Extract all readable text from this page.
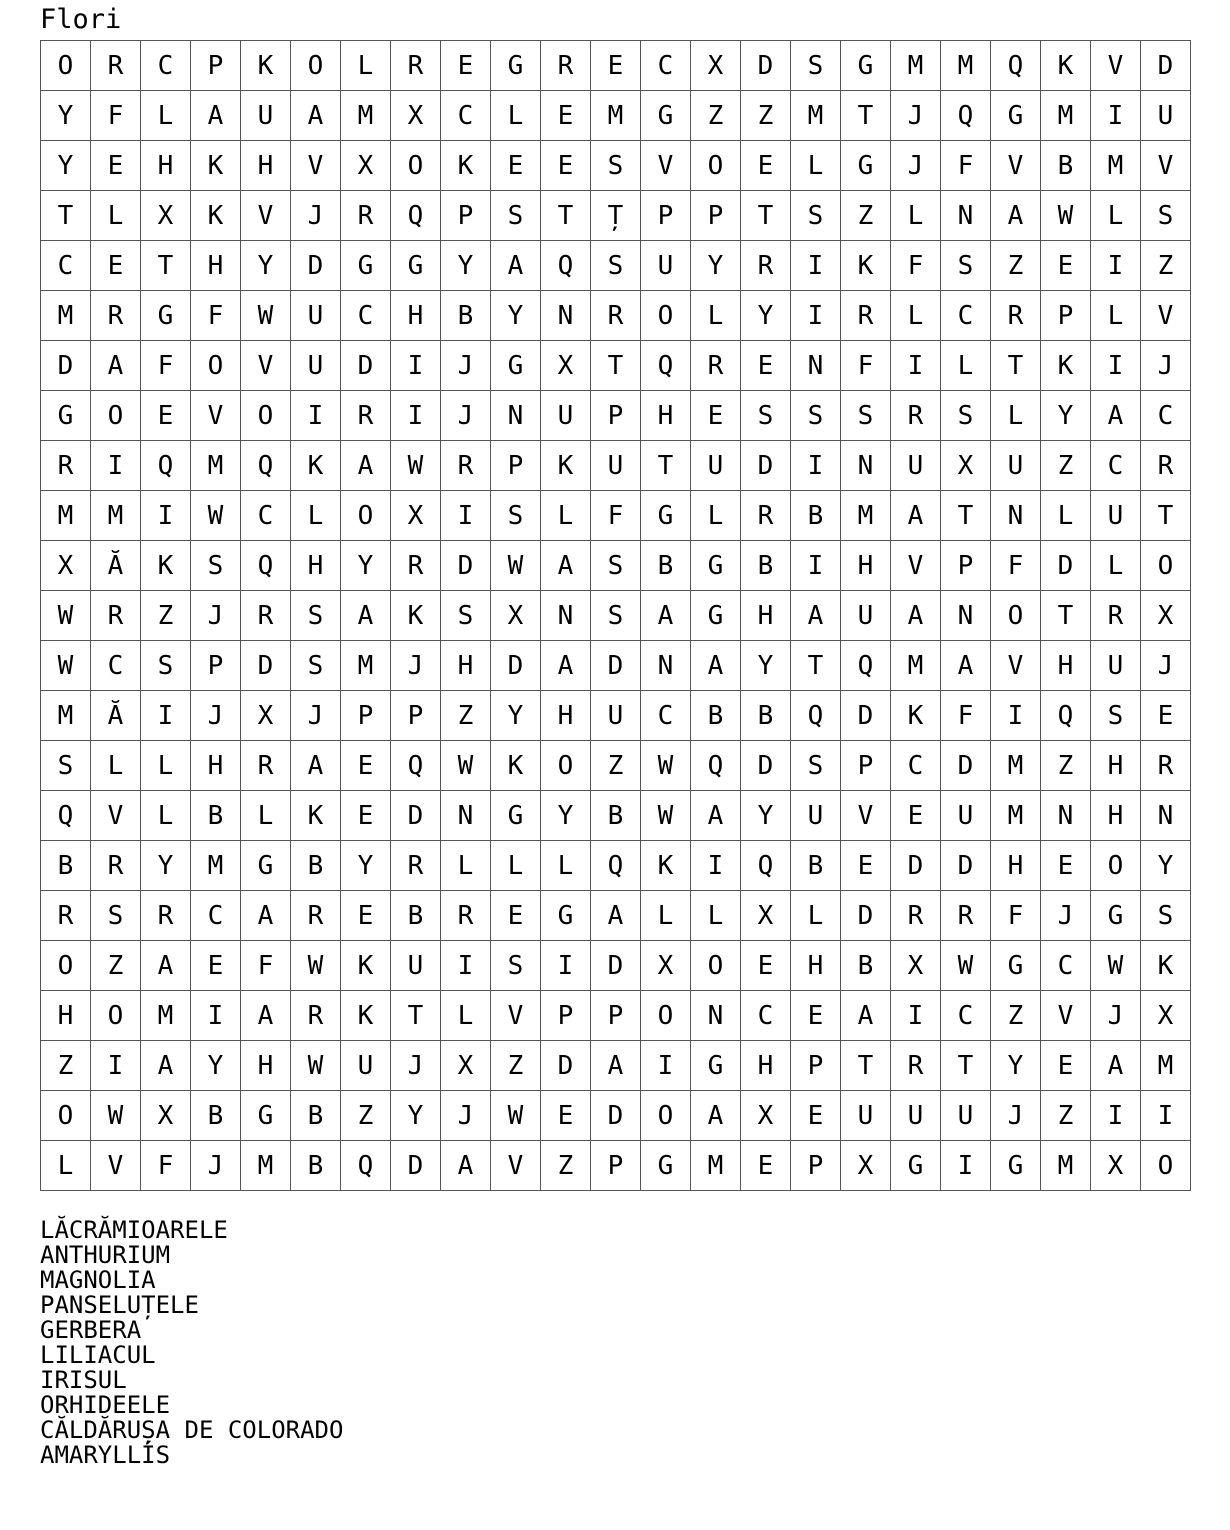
Flori
O	R	C	P	K	O	L	R	E	G	R	E	C	X	D	S	G	M	M	Q	K	V	D
Y	F	L	A	U	A	M	X	C	L	E	M	G	Z	Z	M	T	J	Q	G	M	I	U
Y	E	H	K	H	V	X	O	K	E	E	S	V	O	E	L	G	J	F	V	B	M	V
T	L	X	K	V	J	R	Q	P	S	T	Ț	P	P	T	S	Z	L	N	A	W	L	S
C	E	T	H	Y	D	G	G	Y	A	Q	S	U	Y	R	I	K	F	S	Z	E	I	Z
M	R	G	F	W	U	C	H	B	Y	N	R	O	L	Y	I	R	L	C	R	P	L	V
D	A	F	O	V	U	D	I	J	G	X	T	Q	R	E	N	F	I	L	T	K	I	J
G	O	E	V	O	I	R	I	J	N	U	P	H	E	S	S	S	R	S	L	Y	A	C
R	I	Q	M	Q	K	A	W	R	P	K	U	T	U	D	I	N	U	X	U	Z	C	R
M	M	I	W	C	L	O	X	I	S	L	F	G	L	R	B	M	A	T	N	L	U	T
X	Ă	K	S	Q	H	Y	R	D	W	A	S	B	G	B	I	H	V	P	F	D	L	O
W	R	Z	J	R	S	A	K	S	X	N	S	A	G	H	A	U	A	N	O	T	R	X
W	C	S	P	D	S	M	J	H	D	A	D	N	A	Y	T	Q	M	A	V	H	U	J
M	Ă	I	J	X	J	P	P	Z	Y	H	U	C	B	B	Q	D	K	F	I	Q	S	E
S	L	L	H	R	A	E	Q	W	K	O	Z	W	Q	D	S	P	C	D	M	Z	H	R
Q	V	L	B	L	K	E	D	N	G	Y	B	W	A	Y	U	V	E	U	M	N	H	N
B	R	Y	M	G	B	Y	R	L	L	L	Q	K	I	Q	B	E	D	D	H	E	O	Y
R	S	R	C	A	R	E	B	R	E	G	A	L	L	X	L	D	R	R	F	J	G	S
O	Z	A	E	F	W	K	U	I	S	I	D	X	O	E	H	B	X	W	G	C	W	K
H	O	M	I	A	R	K	T	L	V	P	P	O	N	C	E	A	I	C	Z	V	J	X
Z	I	A	Y	H	W	U	J	X	Z	D	A	I	G	H	P	T	R	T	Y	E	A	M
O	W	X	B	G	B	Z	Y	J	W	E	D	O	A	X	E	U	U	U	J	Z	I	I
L	V	F	J	M	B	Q	D	A	V	Z	P	G	M	E	P	X	G	I	G	M	X	O
LĂCRĂMIOARELE
ANTHURIUM
MAGNOLIA
PANSELUȚELE
GERBERA
LILIACUL
IRISUL
ORHIDEELE
CĂLDĂRUȘA DE COLORADO
AMARYLLÍS
